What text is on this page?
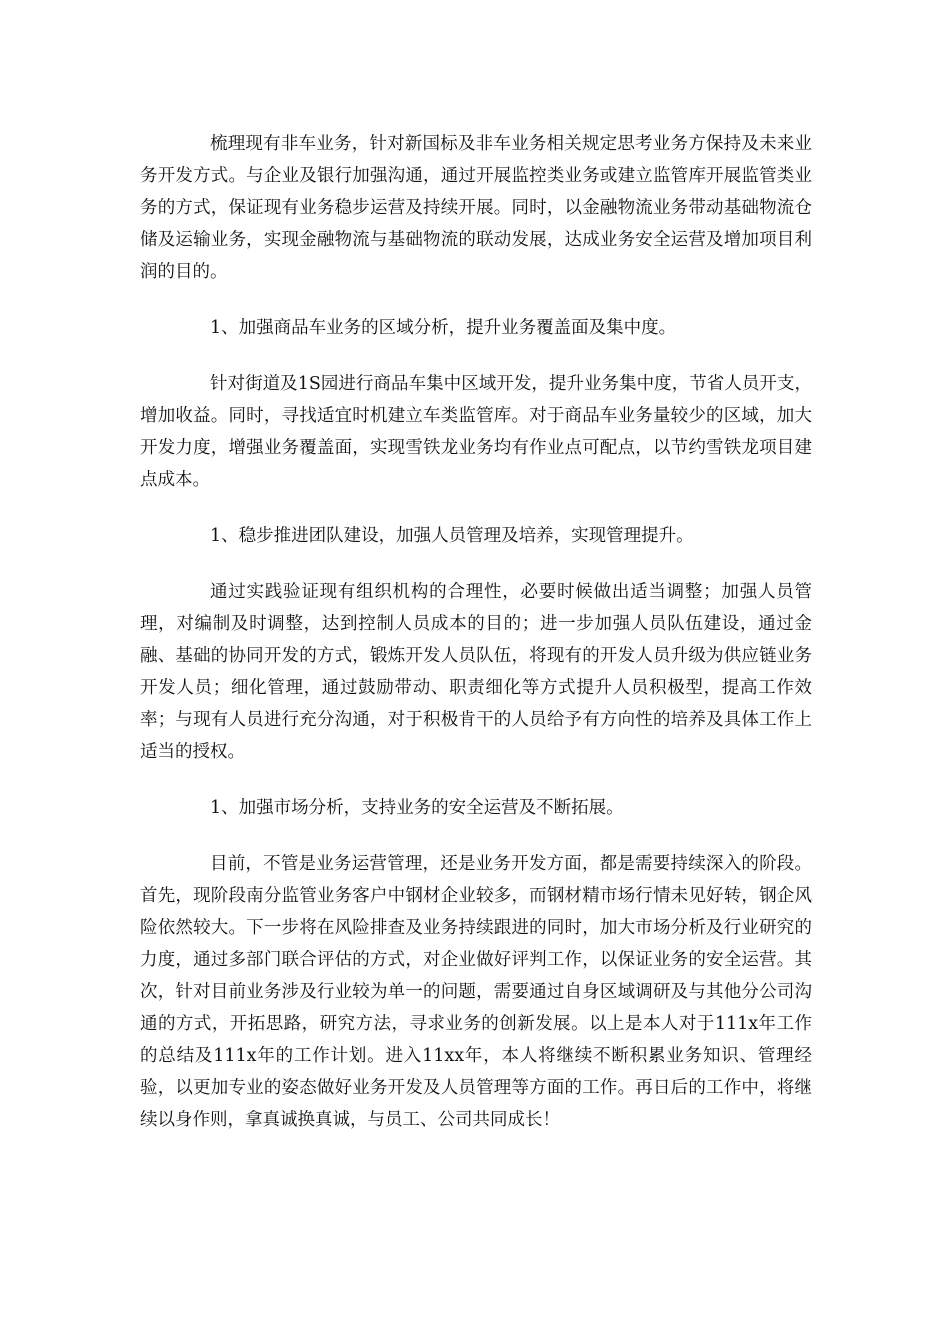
梳理现有非车业务，针对新国标及非车业务相关规定思考业务方保持及未来业务开发方式。与企业及银行加强沟通，通过开展监控类业务或建立监管库开展监管类业务的方式，保证现有业务稳步运营及持续开展。同时，以金融物流业务带动基础物流仓储及运输业务，实现金融物流与基础物流的联动发展，达成业务安全运营及增加项目利润的目的。

1、加强商品车业务的区域分析，提升业务覆盖面及集中度。

针对街道及1S园进行商品车集中区域开发，提升业务集中度，节省人员开支，增加收益。同时，寻找适宜时机建立车类监管库。对于商品车业务量较少的区域，加大开发力度，增强业务覆盖面，实现雪铁龙业务均有作业点可配点，以节约雪铁龙项目建点成本。

1、稳步推进团队建设，加强人员管理及培养，实现管理提升。

通过实践验证现有组织机构的合理性，必要时候做出适当调整；加强人员管理，对编制及时调整，达到控制人员成本的目的；进一步加强人员队伍建设，通过金融、基础的协同开发的方式，锻炼开发人员队伍，将现有的开发人员升级为供应链业务开发人员；细化管理，通过鼓励带动、职责细化等方式提升人员积极型，提高工作效率；与现有人员进行充分沟通，对于积极肯干的人员给予有方向性的培养及具体工作上适当的授权。

1、加强市场分析，支持业务的安全运营及不断拓展。

目前，不管是业务运营管理，还是业务开发方面，都是需要持续深入的阶段。首先，现阶段南分监管业务客户中钢材企业较多，而钢材精市场行情未见好转，钢企风险依然较大。下一步将在风险排查及业务持续跟进的同时，加大市场分析及行业研究的力度，通过多部门联合评估的方式，对企业做好评判工作，以保证业务的安全运营。其次，针对目前业务涉及行业较为单一的问题，需要通过自身区域调研及与其他分公司沟通的方式，开拓思路，研究方法，寻求业务的创新发展。以上是本人对于111x年工作的总结及111x年的工作计划。进入11xx年，本人将继续不断积累业务知识、管理经验，以更加专业的姿态做好业务开发及人员管理等方面的工作。再日后的工作中，将继续以身作则，拿真诚换真诚，与员工、公司共同成长！
